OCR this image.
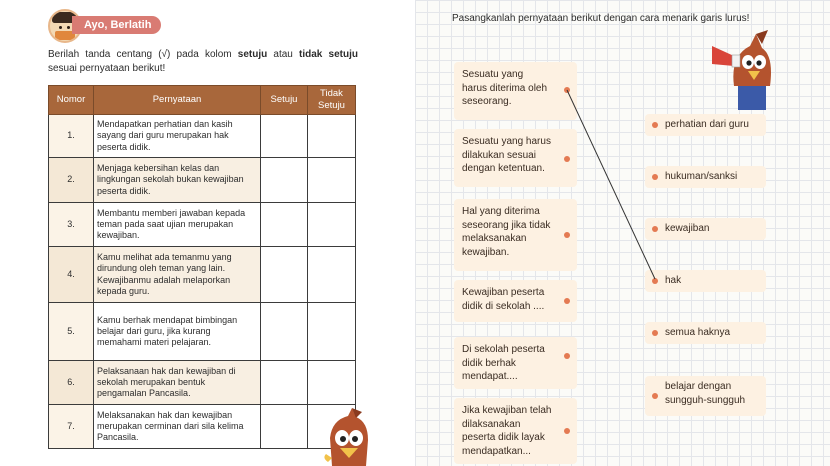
Ayo, Berlatih
Berilah tanda centang (√) pada kolom setuju atau tidak setuju sesuai pernyataan berikut!
Nomor	Pernyataan	Setuju	Tidak Setuju
1.	Mendapatkan perhatian dan kasih sayang dari guru merupakan hak peserta didik.		
2.	Menjaga kebersihan kelas dan lingkungan sekolah bukan kewajiban peserta didik.		
3.	Membantu memberi jawaban kepada teman pada saat ujian merupakan kewajiban.		
4.	Kamu melihat ada temanmu yang dirundung oleh teman yang lain. Kewajibanmu adalah melaporkan kepada guru.		
5.	Kamu berhak mendapat bimbingan belajar dari guru, jika kurang memahami materi pelajaran.		
6.	Pelaksanaan hak dan kewajiban di sekolah merupakan bentuk pengamalan Pancasila.		
7.	Melaksanakan hak dan kewajiban merupakan cerminan dari sila kelima Pancasila.		
Pasangkanlah pernyataan berikut dengan cara menarik garis lurus!
Sesuatu yang harus diterima oleh seseorang.
Sesuatu yang harus dilakukan sesuai dengan ketentuan.
Hal yang diterima seseorang jika tidak melaksanakan kewajiban.
Kewajiban peserta didik di sekolah ....
Di sekolah peserta didik berhak mendapat....
Jika kewajiban telah dilaksanakan peserta didik layak mendapatkan...
perhatian dari guru
hukuman/sanksi
kewajiban
hak
semua haknya
belajar dengan sungguh-sungguh
